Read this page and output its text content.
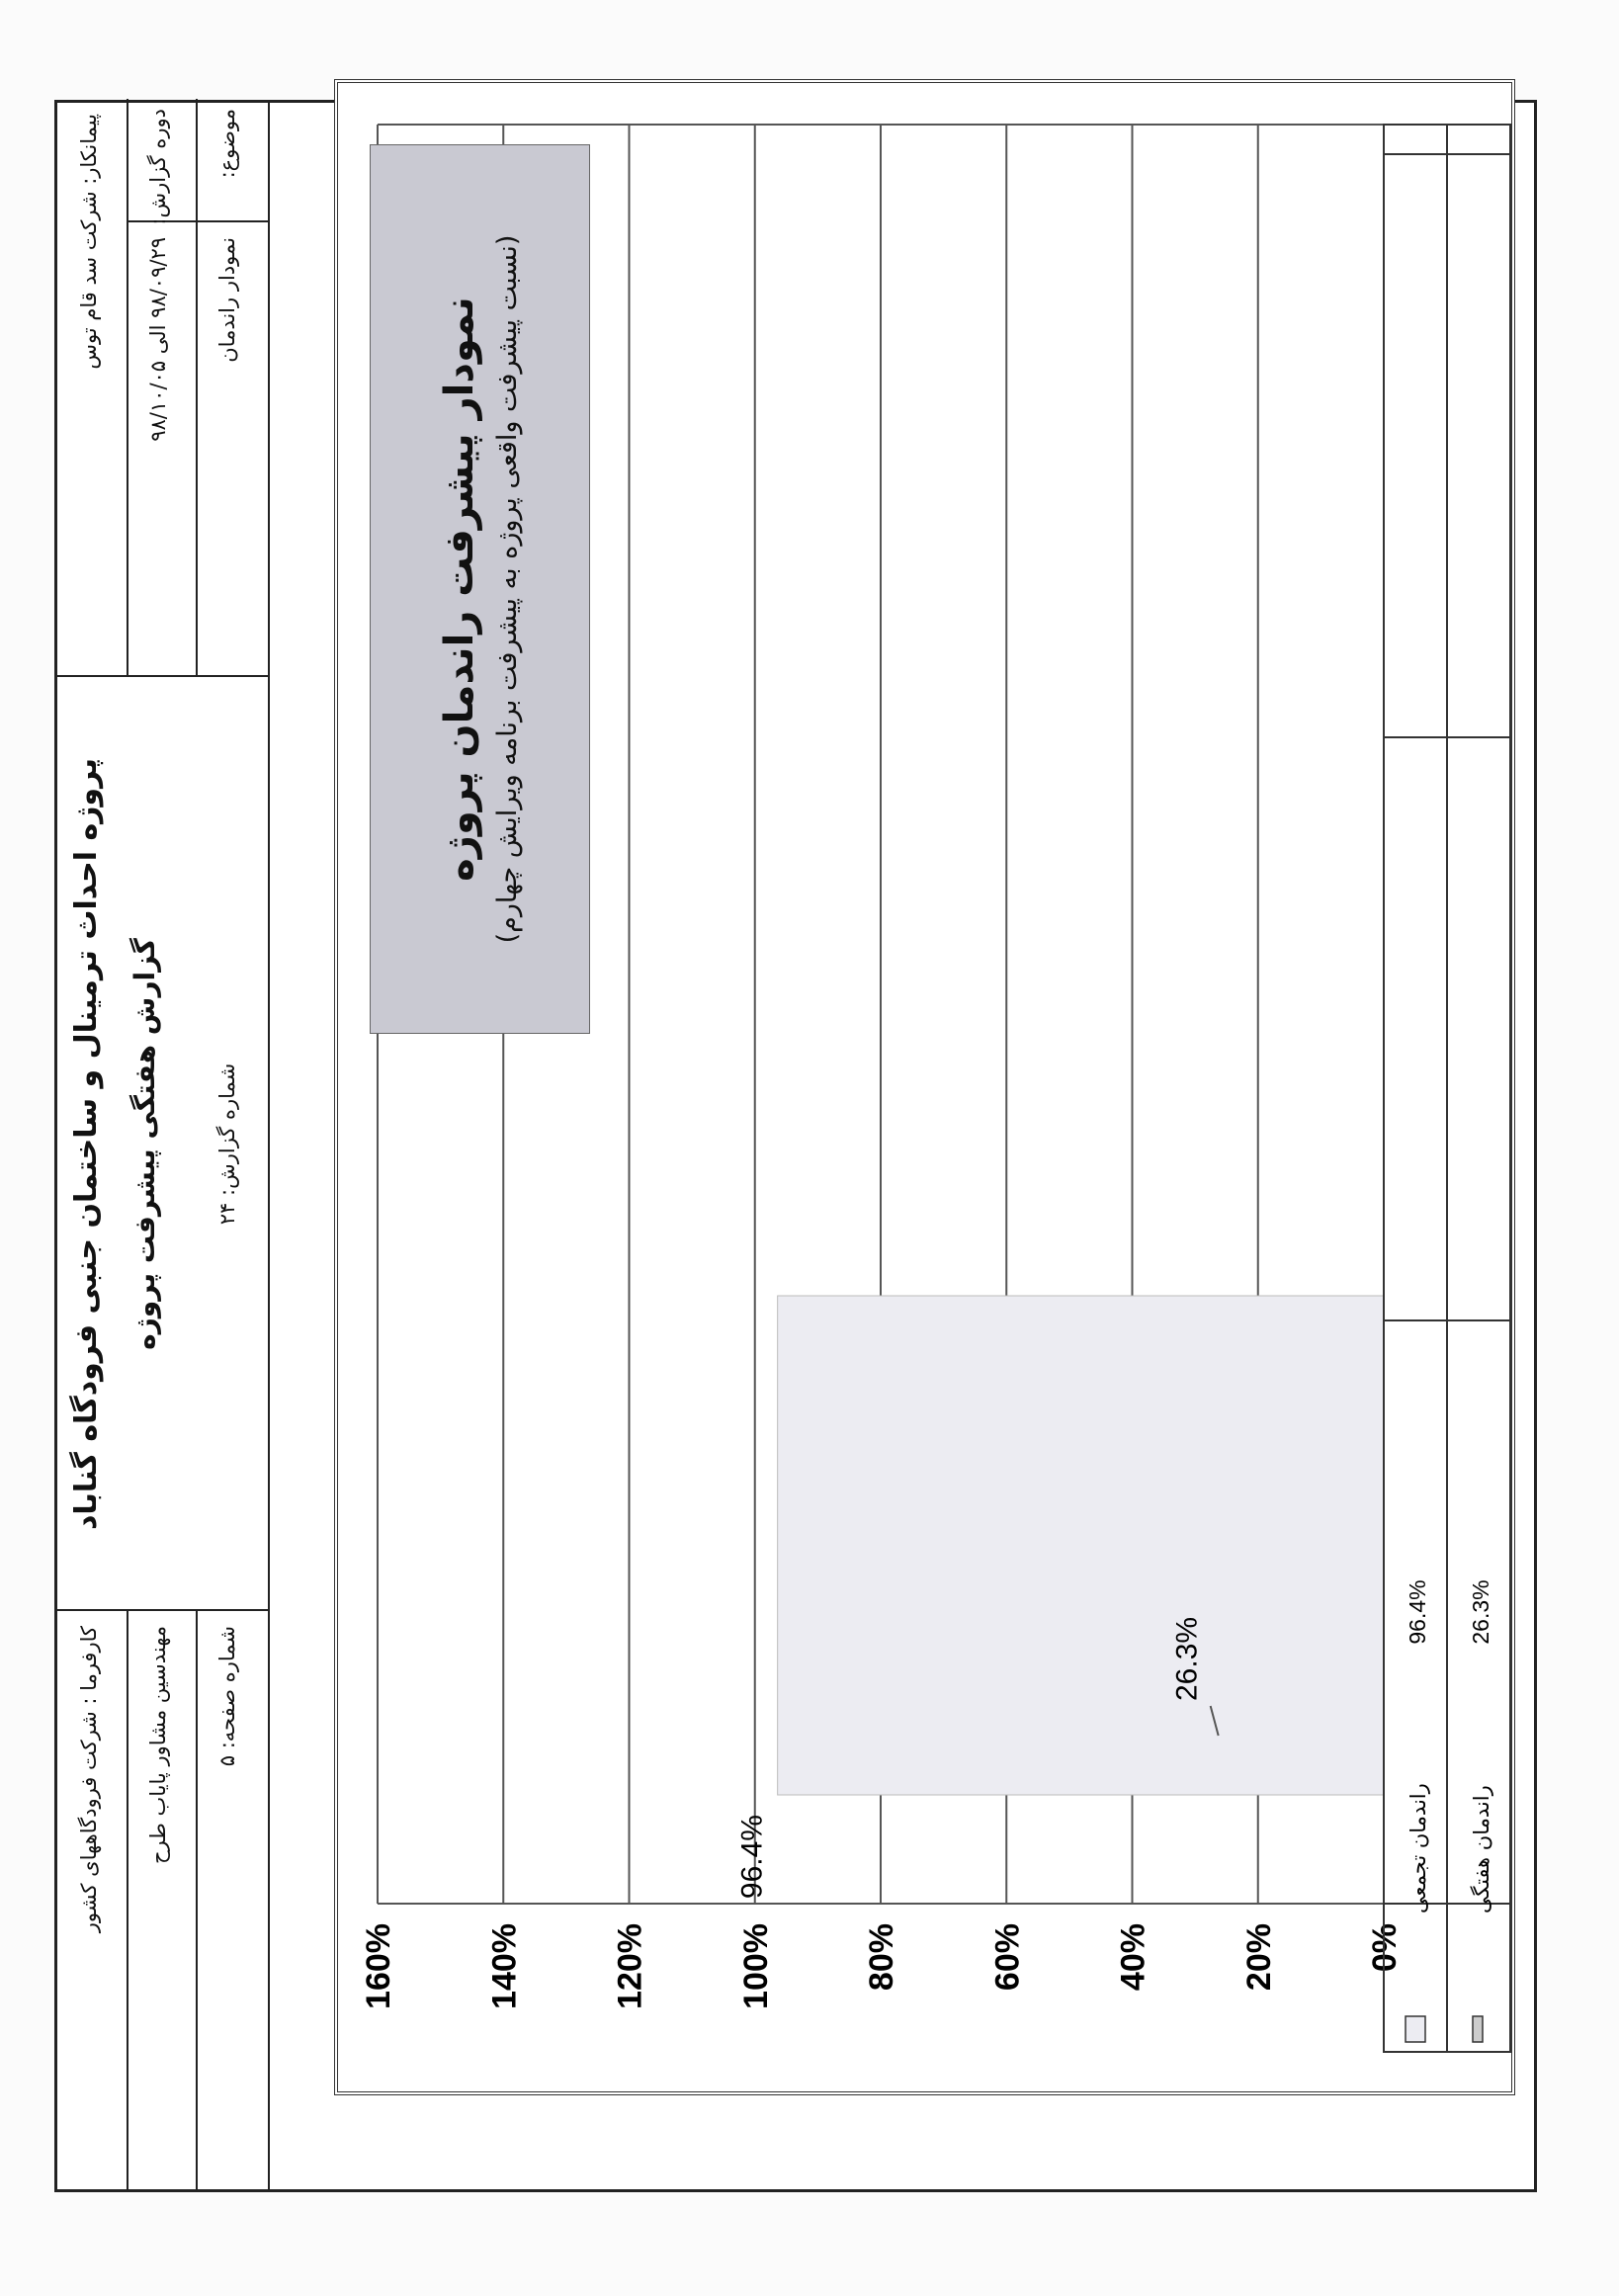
پروژه احداث ترمینال و ساختمان جنبی فرودگاه گناباد گزارش هفتگی پیشرفت پروژه	شماره گزارش: ۲۴
کارفرما : شرکت فرودگاههای کشور مهندسین مشاور پایاب طرح شماره صفحه: ۵
پیمانکار: شرکت سد قام توس دوره گزارش:
۹۸/۰۹/۲۹ الی ۹۸/۱۰/۰۵
موضوع:
نمودار راندمان
0%
20%
40%
60%
80%
100%
120%
140%
160%
96.4%
26.3%
راندمان تجمعی
96.4%
راندمان هفتگی
26.3%
نمودار پیشرفت راندمان پروژه (نسبت پیشرفت واقعی پروژه به پیشرفت برنامه ویرایش چهارم)
